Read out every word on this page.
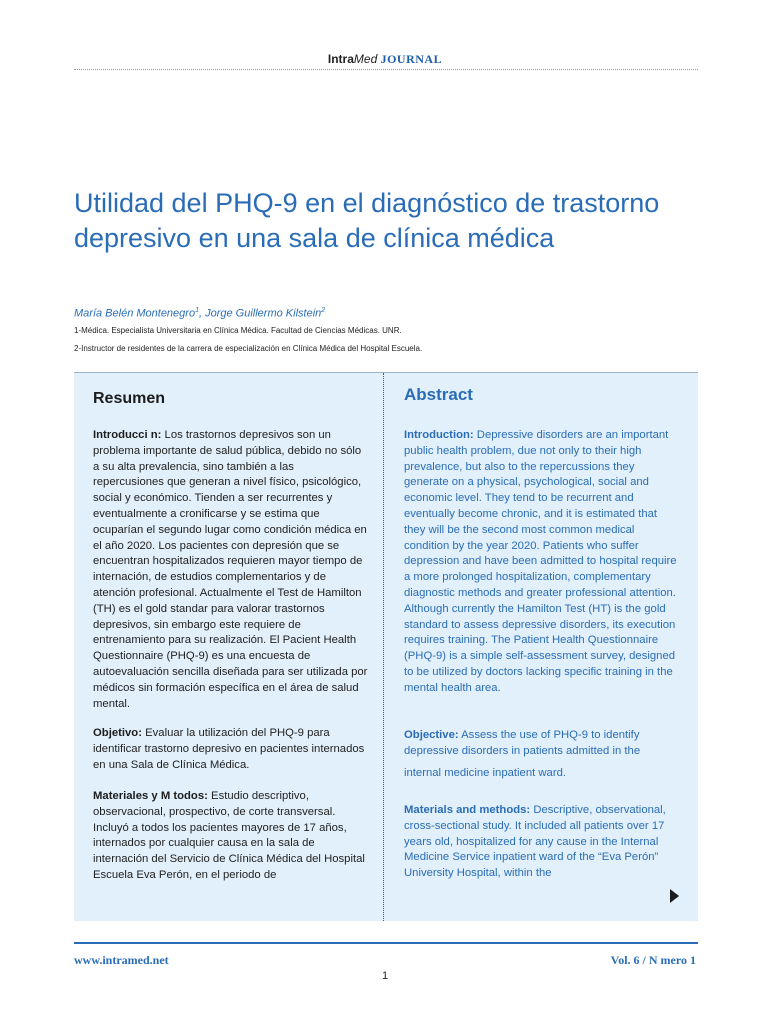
IntraMed JOURNAL
Utilidad del PHQ-9 en el diagnóstico de trastorno depresivo en una sala de clínica médica

María Belén Montenegro$^1$, Jorge Guillermo Kilstein$^2$

1-Médica. Especialista Universitaria en Clínica Médica. Facultad de Ciencias Médicas. UNR.

2-Instructor de residentes de la carrera de especialización en Clínica Médica del Hospital Escuela.

Resumen
Introducci n: Los trastornos depresivos son un problema importante de salud pública, debido no sólo a su alta prevalencia, sino también a las repercusiones que generan a nivel físico, psicológico, social y económico. Tienden a ser recurrentes y eventualmente a cronificarse y se estima que ocuparían el segundo lugar como condición médica en el año 2020. Los pacientes con depresión que se encuentran hospitalizados requieren mayor tiempo de internación, de estudios complementarios y de atención profesional. Actualmente el Test de Hamilton (TH) es el gold standar para valorar trastornos depresivos, sin embargo este requiere de entrenamiento para su realización. El Pacient Health Questionnaire (PHQ-9) es una encuesta de autoevaluación sencilla diseñada para ser utilizada por médicos sin formación específica en el área de salud mental.
Objetivo: Evaluar la utilización del PHQ-9 para identificar trastorno depresivo en pacientes internados en una Sala de Clínica Médica.
Materiales y M todos: Estudio descriptivo, observacional, prospectivo, de corte transversal. Incluyó a todos los pacientes mayores de 17 años, internados por cualquier causa en la sala de internación del Servicio de Clínica Médica del Hospital Escuela Eva Perón, en el periodo de
Abstract
Introduction: Depressive disorders are an important public health problem, due not only to their high prevalence, but also to the repercussions they generate on a physical, psychological, social and economic level. They tend to be recurrent and eventually become chronic, and it is estimated that they will be the second most common medical condition by the year 2020. Patients who suffer depression and have been admitted to hospital require a more prolonged hospitalization, complementary diagnostic methods and greater professional attention. Although currently the Hamilton Test (HT) is the gold standard to assess depressive disorders, its execution requires training. The Patient Health Questionnaire (PHQ-9) is a simple self-assessment survey, designed to be utilized by doctors lacking specific training in the mental health area.
Objective: Assess the use of PHQ-9 to identify depressive disorders in patients admitted in the
internal medicine inpatient ward.
Materials and methods: Descriptive, observational, cross-sectional study. It included all patients over 17 years old, hospitalized for any cause in the Internal Medicine Service inpatient ward of the “Eva Perón” University Hospital, within the
www.intramed.net	Vol. 6 / N mero 1
1
